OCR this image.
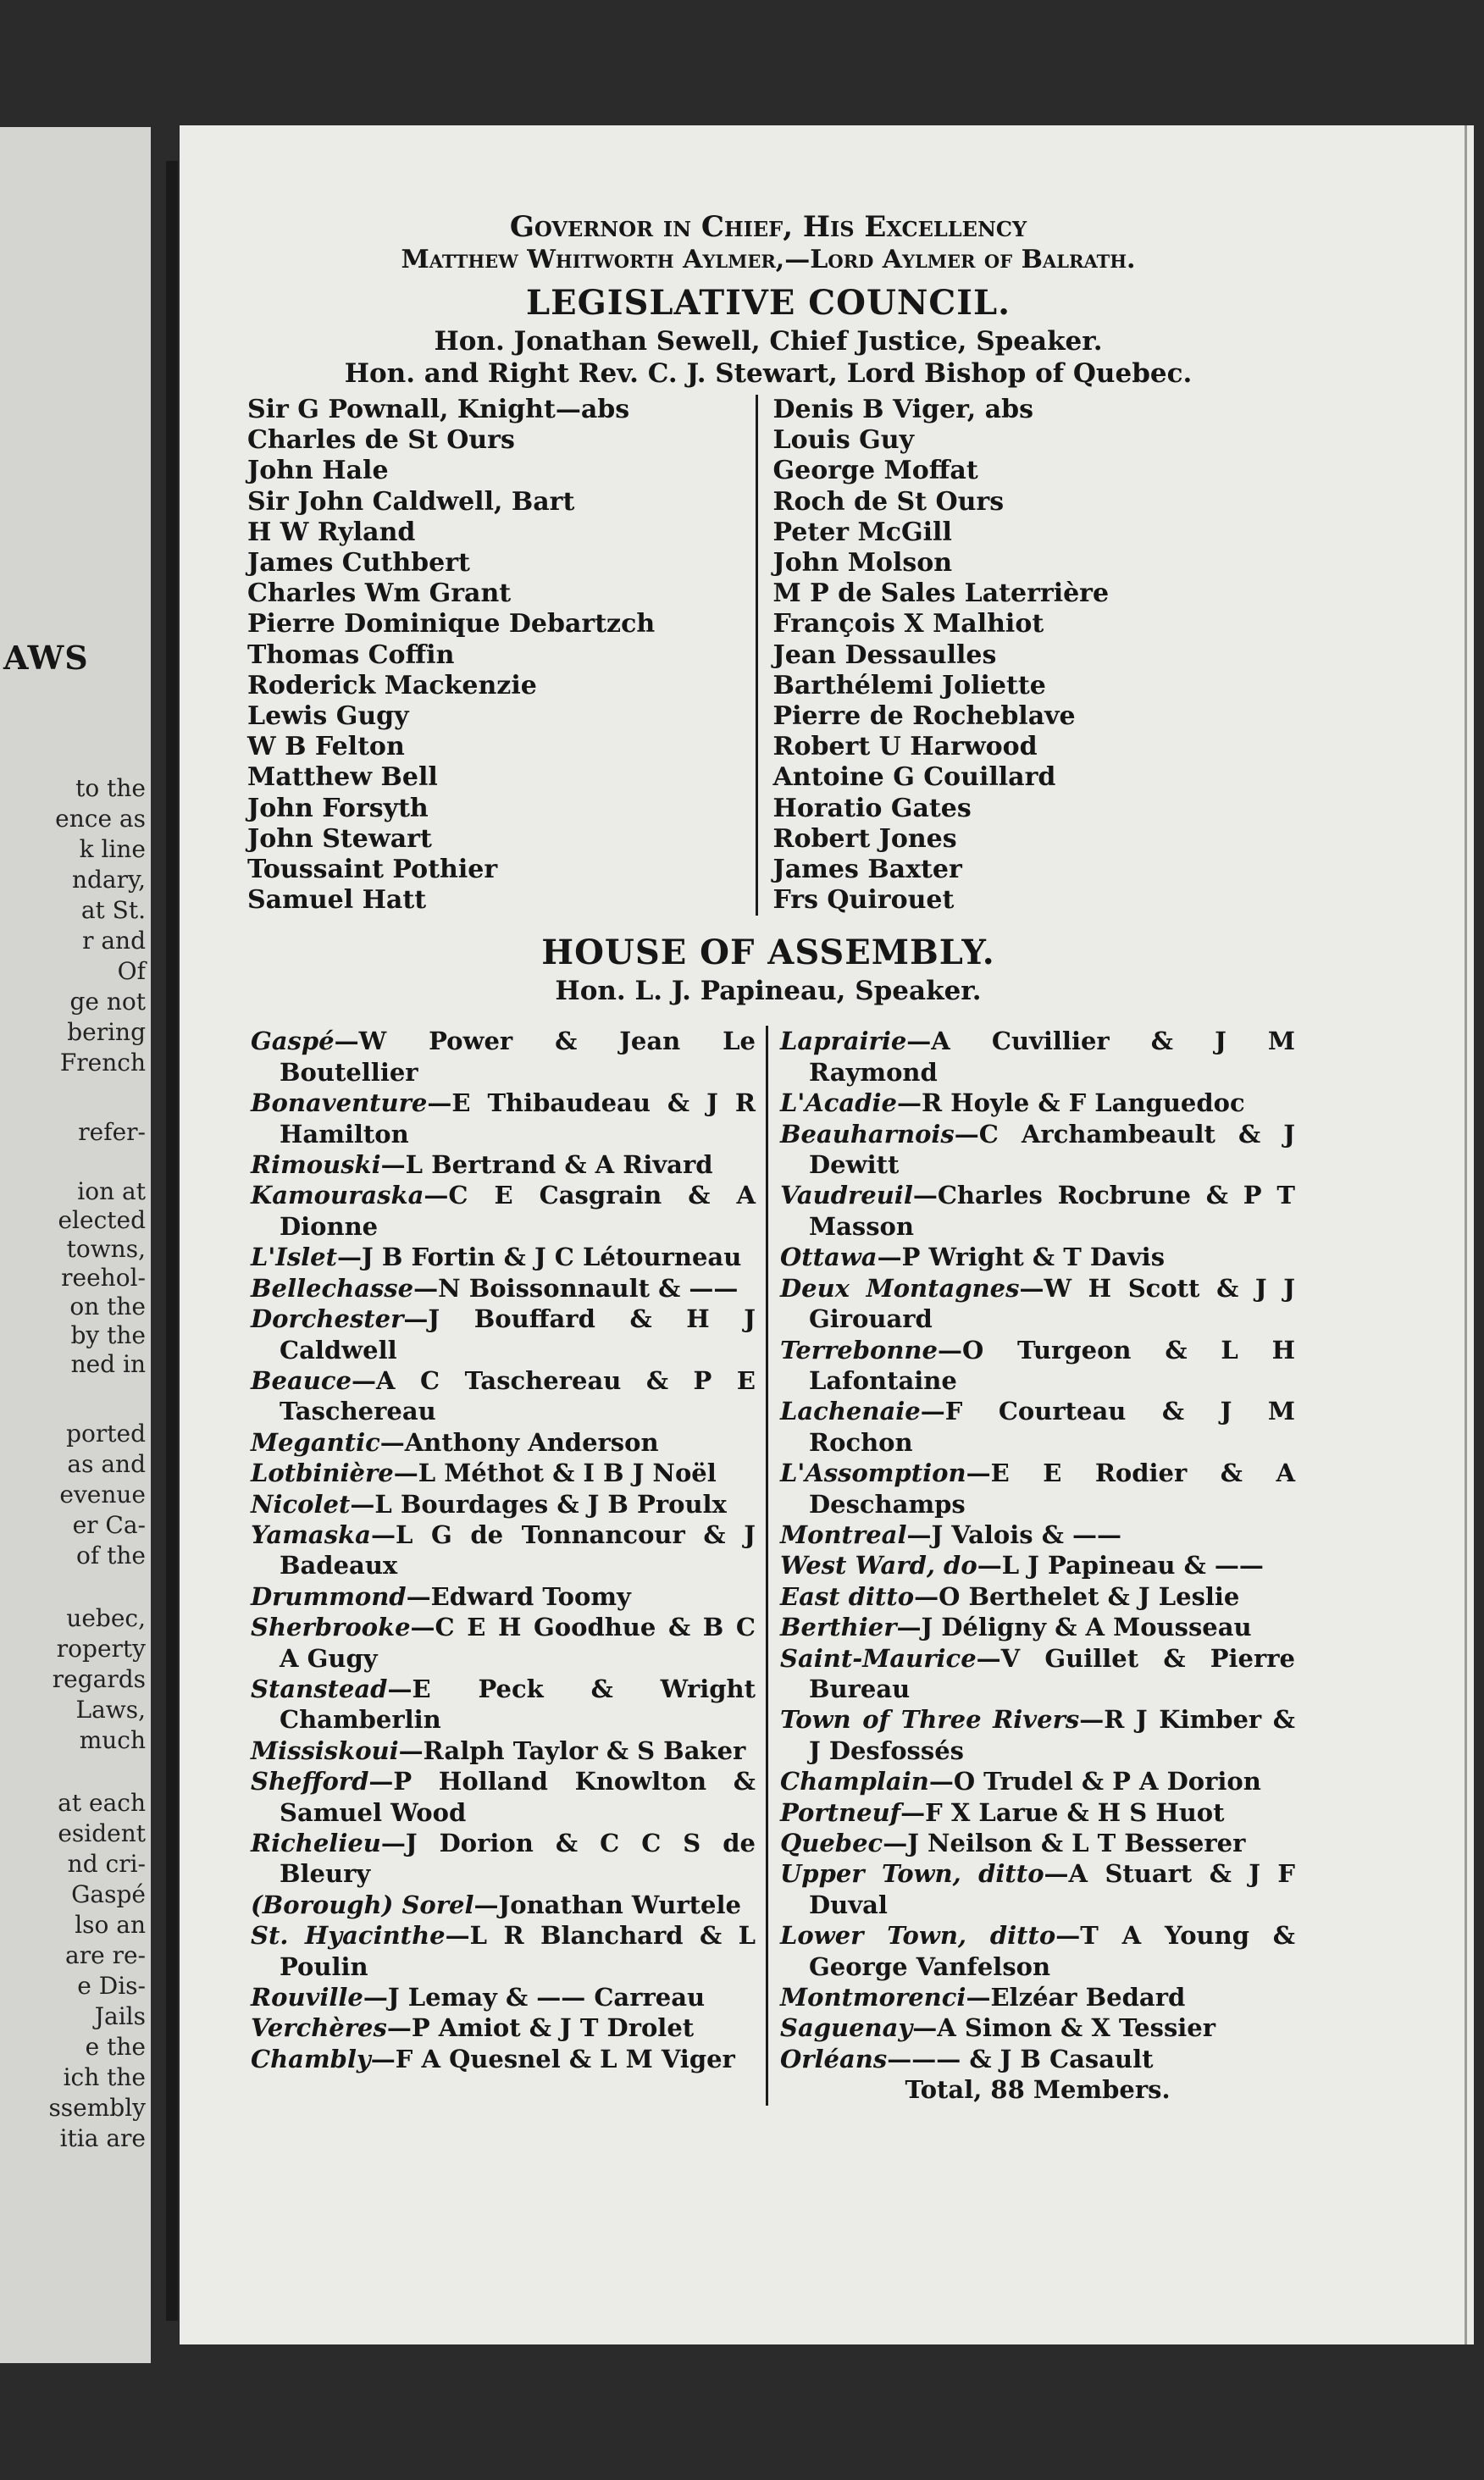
AWS
to the
ence as
k line
ndary,
at St.
r and
Of
ge not
bering
French
refer-
ion at
elected
towns,
reehol-
on the
by the
ned in
ported
as and
evenue
er Ca-
of the
uebec,
roperty
regards
Laws,
much
at each
esident
nd cri-
Gaspé
lso an
are re-
e Dis-
Jails
e the
ich the
ssembly
itia are
Governor in Chief, His Excellency
Matthew Whitworth Aylmer,—Lord Aylmer of Balrath.
LEGISLATIVE COUNCIL.
Hon. Jonathan Sewell, Chief Justice, Speaker.
Hon. and Right Rev. C. J. Stewart, Lord Bishop of Quebec.
Sir G Pownall, Knight—abs
Charles de St Ours
John Hale
Sir John Caldwell, Bart
H W Ryland
James Cuthbert
Charles Wm Grant
Pierre Dominique Debartzch
Thomas Coffin
Roderick Mackenzie
Lewis Gugy
W B Felton
Matthew Bell
John Forsyth
John Stewart
Toussaint Pothier
Samuel Hatt
Denis B Viger, abs
Louis Guy
George Moffat
Roch de St Ours
Peter McGill
John Molson
M P de Sales Laterrière
François X Malhiot
Jean Dessaulles
Barthélemi Joliette
Pierre de Rocheblave
Robert U Harwood
Antoine G Couillard
Horatio Gates
Robert Jones
James Baxter
Frs Quirouet
HOUSE OF ASSEMBLY.
Hon. L. J. Papineau, Speaker.
Gaspé—W Power & Jean Le Boutellier
Bonaventure—E Thibaudeau & J R Hamilton
Rimouski—L Bertrand & A Rivard
Kamouraska—C E Casgrain & A Dionne
L'Islet—J B Fortin & J C Létourneau
Bellechasse—N Boissonnault & ——
Dorchester—J Bouffard & H J Caldwell
Beauce—A C Taschereau & P E Taschereau
Megantic—Anthony Anderson
Lotbinière—L Méthot & I B J Noël
Nicolet—L Bourdages & J B Proulx
Yamaska—L G de Tonnancour & J Badeaux
Drummond—Edward Toomy
Sherbrooke—C E H Goodhue & B C A Gugy
Stanstead—E Peck & Wright Chamberlin
Missiskoui—Ralph Taylor & S Baker
Shefford—P Holland Knowlton & Samuel Wood
Richelieu—J Dorion & C C S de Bleury
(Borough) Sorel—Jonathan Wurtele
St. Hyacinthe—L R Blanchard & L Poulin
Rouville—J Lemay & —— Carreau
Verchères—P Amiot & J T Drolet
Chambly—F A Quesnel & L M Viger
Laprairie—A Cuvillier & J M Raymond
L'Acadie—R Hoyle & F Languedoc
Beauharnois—C Archambeault & J Dewitt
Vaudreuil—Charles Rocbrune & P T Masson
Ottawa—P Wright & T Davis
Deux Montagnes—W H Scott & J J Girouard
Terrebonne—O Turgeon & L H Lafontaine
Lachenaie—F Courteau & J M Rochon
L'Assomption—E E Rodier & A Deschamps
Montreal—J Valois & ——
West Ward, do—L J Papineau & ——
East ditto—O Berthelet & J Leslie
Berthier—J Déligny & A Mousseau
Saint-Maurice—V Guillet & Pierre Bureau
Town of Three Rivers—R J Kimber & J Desfossés
Champlain—O Trudel & P A Dorion
Portneuf—F X Larue & H S Huot
Quebec—J Neilson & L T Besserer
Upper Town, ditto—A Stuart & J F Duval
Lower Town, ditto—T A Young & George Vanfelson
Montmorenci—Elzéar Bedard
Saguenay—A Simon & X Tessier
Orléans——— & J B Casault
Total, 88 Members.
